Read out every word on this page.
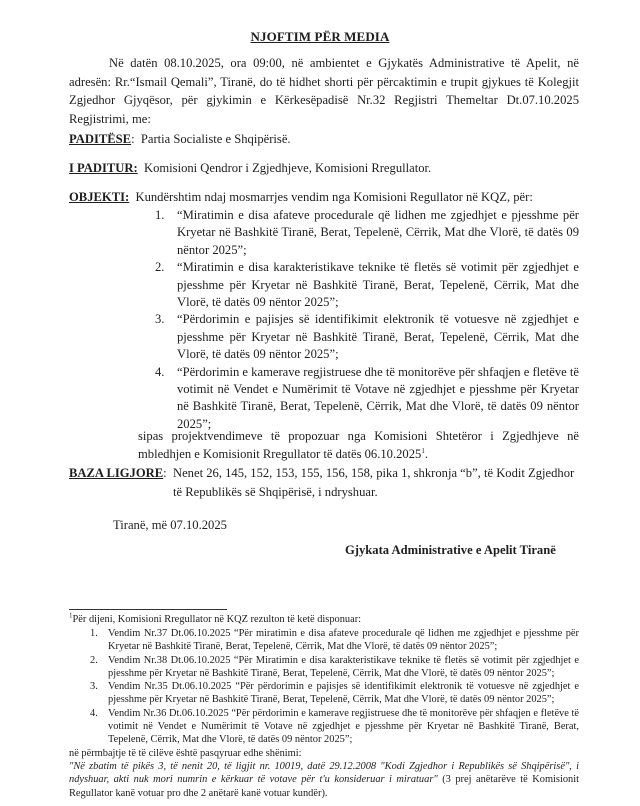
NJOFTIM PËR MEDIA
Në datën 08.10.2025, ora 09:00, në ambientet e Gjykatës Administrative të Apelit, në adresën: Rr.“Ismail Qemali”, Tiranë, do të hidhet shorti për përcaktimin e trupit gjykues të Kolegjit Zgjedhor Gjyqësor, për gjykimin e Kërkesëpadisë Nr.32 Regjistri Themeltar Dt.07.10.2025 Regjistrimi, me:
PADITËSE: Partia Socialiste e Shqipërisë.
I PADITUR: Komisioni Qendror i Zgjedhjeve, Komisioni Rregullator.
OBJEKTI: Kundërshtim ndaj mosmarrjes vendim nga Komisioni Regullator në KQZ, për:
1. “Miratimin e disa afateve procedurale që lidhen me zgjedhjet e pjesshme për Kryetar në Bashkitë Tiranë, Berat, Tepelenë, Cërrik, Mat dhe Vlorë, të datës 09 nëntor 2025”;
2. “Miratimin e disa karakteristikave teknike të fletës së votimit për zgjedhjet e pjesshme për Kryetar në Bashkitë Tiranë, Berat, Tepelenë, Cërrik, Mat dhe Vlorë, të datës 09 nëntor 2025”;
3. “Përdorimin e pajisjes së identifikimit elektronik të votuesve në zgjedhjet e pjesshme për Kryetar në Bashkitë Tiranë, Berat, Tepelenë, Cërrik, Mat dhe Vlorë, të datës 09 nëntor 2025”;
4. “Përdorimin e kamerave regjistruese dhe të monitorëve për shfaqjen e fletëve të votimit në Vendet e Numërimit të Votave në zgjedhjet e pjesshme për Kryetar në Bashkitë Tiranë, Berat, Tepelenë, Cërrik, Mat dhe Vlorë, të datës 09 nëntor 2025”;
sipas projektvendimeve të propozuar nga Komisioni Shtetëror i Zgjedhjeve në mbledhjen e Komisionit Rregullator të datës 06.10.2025$^1$.
BAZA LIGJORE: Nenet 26, 145, 152, 153, 155, 156, 158, pika 1, shkronja “b”, të Kodit Zgjedhor të Republikës së Shqipërisë, i ndryshuar.
Tiranë, më 07.10.2025
Gjykata Administrative e Apelit Tiranë
$^1$Për dijeni, Komisioni Rregullator në KQZ rezulton të ketë disponuar:
1. Vendim Nr.37 Dt.06.10.2025 “Për miratimin e disa afateve procedurale që lidhen me zgjedhjet e pjesshme për Kryetar në Bashkitë Tiranë, Berat, Tepelenë, Cërrik, Mat dhe Vlorë, të datës 09 nëntor 2025”;
2. Vendim Nr.38 Dt.06.10.2025 “Për Miratimin e disa karakteristikave teknike të fletës së votimit për zgjedhjet e pjesshme për Kryetar në Bashkitë Tiranë, Berat, Tepelenë, Cërrik, Mat dhe Vlorë, të datës 09 nëntor 2025”;
3. Vendim Nr.35 Dt.06.10.2025 “Për përdorimin e pajisjes së identifikimit elektronik të votuesve në zgjedhjet e pjesshme për Kryetar në Bashkitë Tiranë, Berat, Tepelenë, Cërrik, Mat dhe Vlorë, të datës 09 nëntor 2025”;
4. Vendim Nr.36 Dt.06.10.2025 “Për përdorimin e kamerave regjistruese dhe të monitorëve për shfaqjen e fletëve të votimit në Vendet e Numërimit të Votave në zgjedhjet e pjesshme për Kryetar në Bashkitë Tiranë, Berat, Tepelenë, Cërrik, Mat dhe Vlorë, të datës 09 nëntor 2025”;
në përmbajtje të të cilëve është pasqyruar edhe shënimi:
"Në zbatim të pikës 3, të nenit 20, të ligjit nr. 10019, datë 29.12.2008 "Kodi Zgjedhor i Republikës së Shqipërisë", i ndyshuar, akti nuk mori numrin e kërkuar të votave për t'u konsideruar i miratuar" (3 prej anëtarëve të Komisionit Regullator kanë votuar pro dhe 2 anëtarë kanë votuar kundër).
